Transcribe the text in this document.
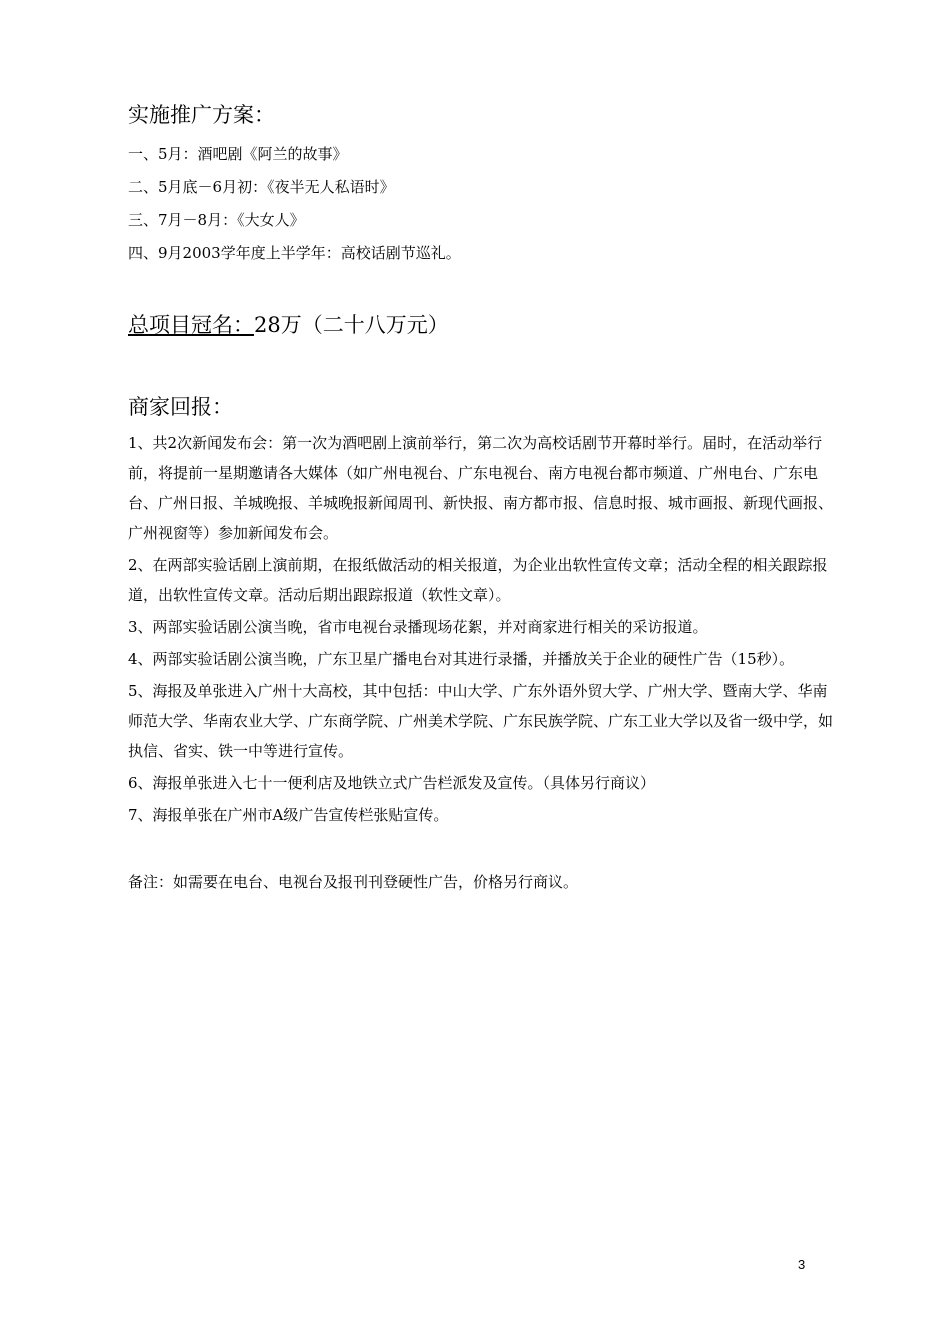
实施推广方案：

一、5月：酒吧剧《阿兰的故事》

二、5月底－6月初：《夜半无人私语时》

三、7月－8月：《大女人》

四、9月2003学年度上半学年：高校话剧节巡礼。

总项目冠名：28万（二十八万元）
商家回报：

1、共2次新闻发布会：第一次为酒吧剧上演前举行，第二次为高校话剧节开幕时举行。届时，在活动举行前，将提前一星期邀请各大媒体（如广州电视台、广东电视台、南方电视台都市频道、广州电台、广东电台、广州日报、羊城晚报、羊城晚报新闻周刊、新快报、南方都市报、信息时报、城市画报、新现代画报、广州视窗等）参加新闻发布会。

2、在两部实验话剧上演前期，在报纸做活动的相关报道，为企业出软性宣传文章；活动全程的相关跟踪报道，出软性宣传文章。活动后期出跟踪报道（软性文章）。

3、两部实验话剧公演当晚，省市电视台录播现场花絮，并对商家进行相关的采访报道。

4、两部实验话剧公演当晚，广东卫星广播电台对其进行录播，并播放关于企业的硬性广告（15秒）。

5、海报及单张进入广州十大高校，其中包括：中山大学、广东外语外贸大学、广州大学、暨南大学、华南师范大学、华南农业大学、广东商学院、广州美术学院、广东民族学院、广东工业大学以及省一级中学，如执信、省实、铁一中等进行宣传。

6、海报单张进入七十一便利店及地铁立式广告栏派发及宣传。（具体另行商议）

7、海报单张在广州市A级广告宣传栏张贴宣传。

备注：如需要在电台、电视台及报刊刊登硬性广告，价格另行商议。

3
